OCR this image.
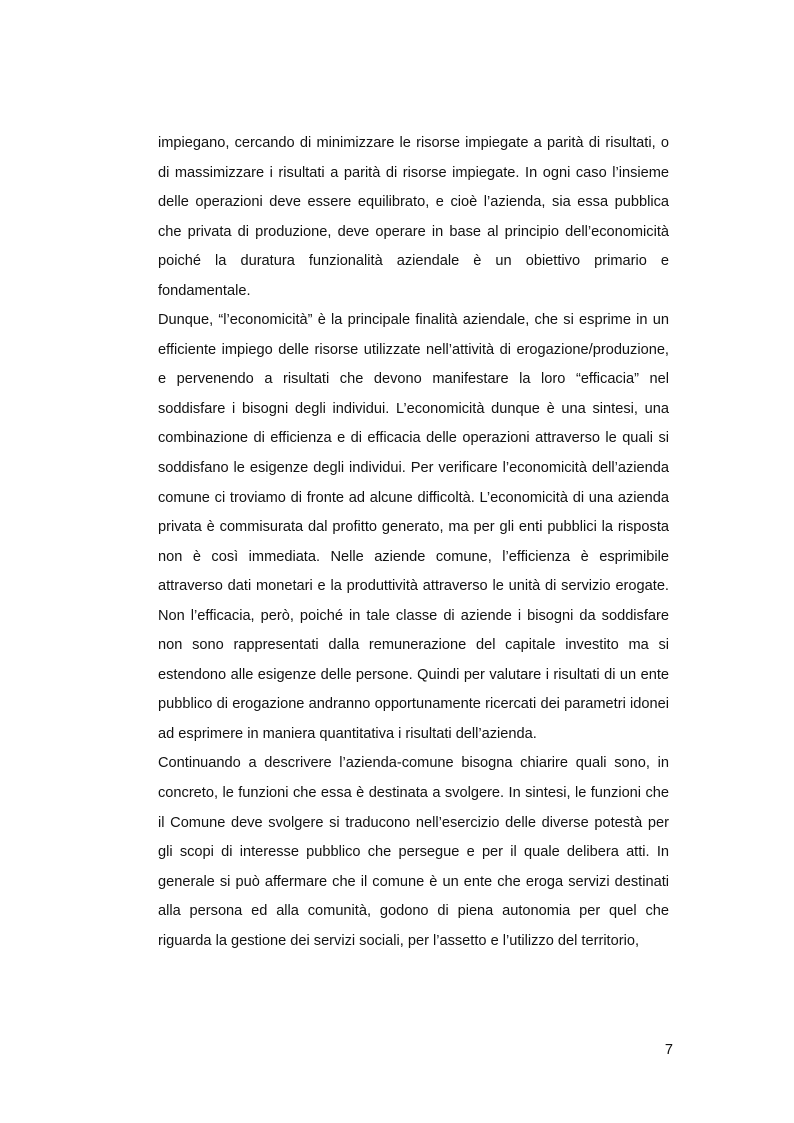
impiegano, cercando di minimizzare le risorse impiegate a parità di risultati, o di massimizzare i risultati a parità di risorse impiegate. In ogni caso l’insieme delle operazioni deve essere equilibrato, e cioè l’azienda, sia essa pubblica che privata di produzione, deve operare in base al principio dell’economicità poiché la duratura funzionalità aziendale è un obiettivo primario e fondamentale.

Dunque, “l’economicità” è la principale finalità aziendale, che si esprime in un efficiente impiego delle risorse utilizzate nell’attività di erogazione/produzione, e pervenendo a risultati che devono manifestare la loro “efficacia” nel soddisfare i bisogni degli individui. L’economicità dunque è una sintesi, una combinazione di efficienza e di efficacia delle operazioni attraverso le quali si soddisfano le esigenze degli individui. Per verificare l’economicità dell’azienda comune ci troviamo di fronte ad alcune difficoltà. L’economicità di una azienda privata è commisurata dal profitto generato, ma per gli enti pubblici la risposta non è così immediata. Nelle aziende comune, l’efficienza è esprimibile attraverso dati monetari e la produttività attraverso le unità di servizio erogate. Non l’efficacia, però, poiché in tale classe di aziende i bisogni da soddisfare non sono rappresentati dalla remunerazione del capitale investito ma si estendono alle esigenze delle persone. Quindi per valutare i risultati di un ente pubblico di erogazione andranno opportunamente ricercati dei parametri idonei ad esprimere in maniera quantitativa i risultati dell’azienda.

Continuando a descrivere l’azienda-comune bisogna chiarire quali sono, in concreto, le funzioni che essa è destinata a svolgere. In sintesi, le funzioni che il Comune deve svolgere si traducono nell’esercizio delle diverse potestà per gli scopi di interesse pubblico che persegue e per il quale delibera atti. In generale si può affermare che il comune è un ente che eroga servizi destinati alla persona ed alla comunità, godono di piena autonomia per quel che riguarda la gestione dei servizi sociali, per l’assetto e l’utilizzo del territorio,

7
